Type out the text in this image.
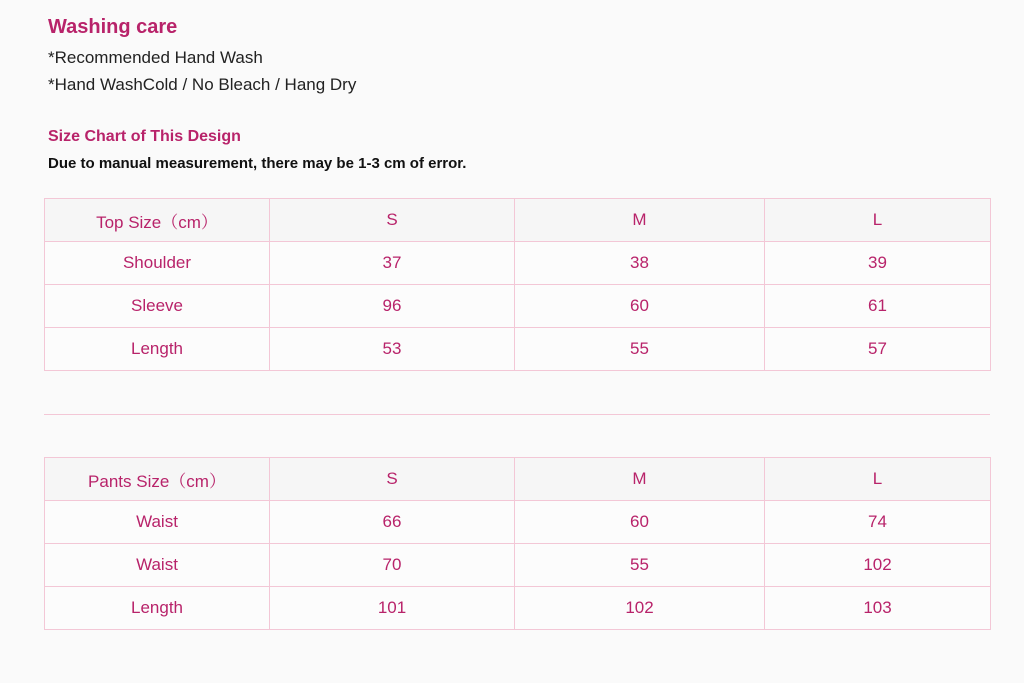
Washing care

*Recommended Hand Wash

*Hand WashCold / No Bleach / Hang Dry

Size Chart of This Design

Due to manual measurement, there may be 1-3 cm of error.

Top Size（cm）	S	M	L
Shoulder	37	38	39
Sleeve	96	60	61
Length	53	55	57
Pants Size（cm）	S	M	L
Waist	66	60	74
Waist	70	55	102
Length	101	102	103
